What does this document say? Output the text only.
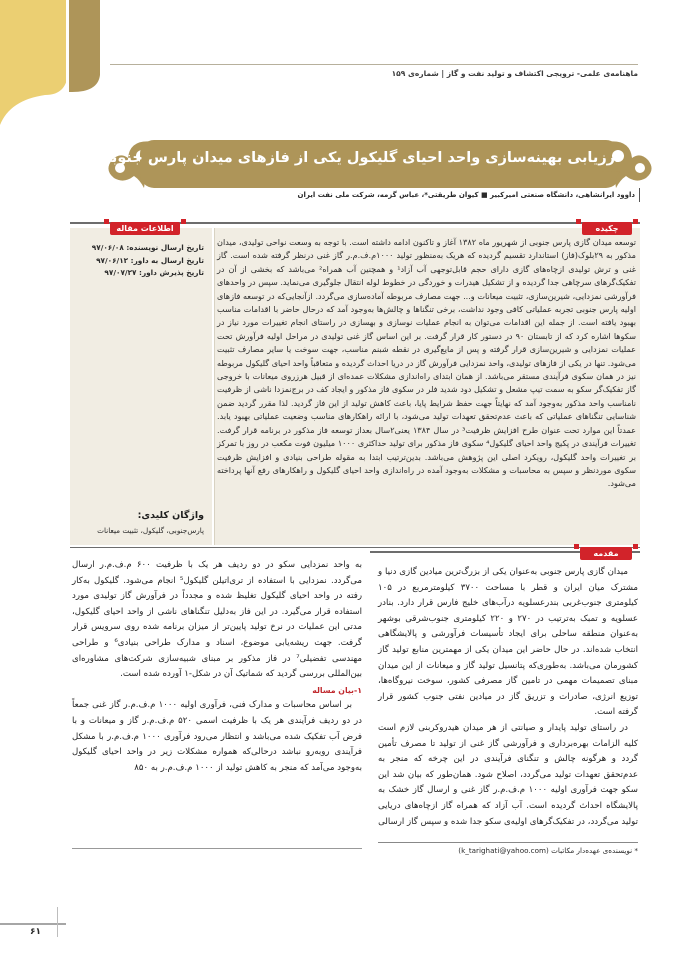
ماهنامه‌ی علمی- ترویجی اکتشاف و تولید نفت و گاز | شماره‌ی ۱۵۹
ارزیابی بهینه‌سازی واحد احیای گلیکول یکی از فازهای میدان پارس جنوبی
داوود ایرانشاهی، دانشگاه صنعتی امیرکبیر ■ کیوان طریقتی*، عباس گزمه، شرکت ملی نفت ایران
توسعه میدان گازی پارس جنوبی از شهریور ماه ۱۳۸۲ آغاز و تاکنون ادامه داشته است. با توجه به وسعت نواحی تولیدی، میدان مذکور به ۲۹بلوک(فاز) استاندارد تقسیم گردیده که هریک به‌منظور تولید ۱۰۰۰م.ف.م.ر گاز غنی درنظر گرفته شده است. گاز غنی و ترش تولیدی ازچاه‌های گازی دارای حجم قابل‌توجهی آب آزاد¹ و همچنین آب همراه² می‌باشد که بخشی از آن در تفکیک‌گرهای سرچاهی جدا گردیده و از تشکیل هیدرات و خوردگی در خطوط لوله انتقال جلوگیری می‌نماید. سپس در واحدهای فرآورشی نمزدایی، شیرین‌سازی، تثبیت میعانات و... جهت مصارف مربوطه آماده‌سازی می‌گردد. ازآنجایی‌که در توسعه فازهای اولیه پارس جنوبی تجربه عملیاتی کافی وجود نداشت، برخی تنگناها و چالش‌ها به‌وجود آمد که درحال حاضر با اقدامات مناسب بهبود یافته است. از جمله این اقدامات می‌توان به انجام عملیات نوسازی و بهسازی در راستای انجام تغییرات مورد نیاز در سکوها اشاره کرد که از تابستان ۹۰ در دستور کار قرار گرفت. بر این اساس گاز غنی تولیدی در مراحل اولیه فرآورش تحت عملیات نمزدایی و شیرین‌سازی قرار گرفته و پس از مایع‌گیری در نقطه شبنم مناسب، جهت سوخت یا سایر مصارف تثبیت می‌شود. تنها در یکی از فازهای تولیدی، واحد نمزدایی فرآورش گاز در دریا احداث گردیده و متعاقباً واحد احیای گلیکول مربوطه نیز در همان سکوی فرآیندی مستقر می‌باشد. از همان ابتدای راه‌اندازی مشکلات عمده‌ای از قبیل هرزروی میعانات با خروجی گاز تفکیک‌گر سکو به سمت تیپ مشعل و تشکیل دود شدید فلر در سکوی فاز مذکور و ایجاد کف در برج‌نمزدا ناشی از ظرفیت نامناسب واحد مذکور به‌وجود آمد که نهایتاً جهت حفظ شرایط پایا، باعث کاهش تولید از این فاز گردید. لذا مقرر گردید ضمن شناسایی تنگناهای عملیاتی که باعث عدم‌تحقق تعهدات تولید می‌شود، با ارائه راهکارهای مناسب وضعیت عملیاتی بهبود یابد. عمدتاً این موارد تحت عنوان طرح افزایش ظرفیت³ در سال ۱۳۸۴ یعنی۲سال بعداز توسعه فاز مذکور در برنامه قرار گرفت. تغییرات فرآیندی در پکیج واحد احیای گلیکول⁴ سکوی فاز مذکور برای تولید حداکثری ۱۰۰۰ میلیون فوت مکعب در روز با تمرکز بر تغییرات واحد گلیکول، رویکرد اصلی این پژوهش می‌باشد. بدین‌ترتیب ابتدا به مقوله طراحی بنیادی و افزایش ظرفیت سکوی موردنظر و سپس به محاسبات و مشکلات به‌وجود آمده در راه‌اندازی واحد احیای گلیکول و راهکارهای رفع آنها پرداخته می‌شود.
چکیده
تاریخ ارسال نویسنده: ۹۷/۰۶/۰۸
تاریخ ارسال به داور: ۹۷/۰۶/۱۲
تاریخ پذیرش داور: ۹۷/۰۷/۲۷
واژگان کلیدی:
پارس‌جنوبی، گلیکول، تثبیت میعانات
اطلاعات مقاله
مقدمه

میدان گازی پارس جنوبی به‌عنوان یکی از بزرگ‌ترین میادین گازی دنیا و مشترک میان ایران و قطر با مساحت ۳۷۰۰ کیلومترمربع در ۱۰۵ کیلومتری جنوب‌غربی بندرعسلویه درآب‌های خلیج فارس قرار دارد. بنادر عسلویه و تمبک به‌ترتیب در ۲۷۰ و ۲۲۰ کیلومتری جنوب‌شرقی بوشهر به‌عنوان منطقه ساحلی برای ایجاد تأسیسات فرآورشی و پالایشگاهی انتخاب شده‌اند. در حال حاضر این میدان یکی از مهمترین منابع تولید گاز کشورمان می‌باشد. به‌طوری‌که پتانسیل تولید گاز و میعانات از این میدان مبنای تصمیمات مهمی در تامین گاز مصرفی کشور، سوخت نیروگاه‌ها، توزیع انرژی، صادرات و تزریق گاز در میادین نفتی جنوب کشور قرار گرفته است.

در راستای تولید پایدار و صیانتی از هر میدان هیدروکربنی لازم است کلیه الزامات بهره‌برداری و فرآورشی گاز غنی از تولید تا مصرف تأمین گردد و هرگونه چالش و تنگنای فرآیندی در این چرخه که منجر به عدم‌تحقق تعهدات تولید می‌گردد، اصلاح شود. همان‌طور که بیان شد این سکو جهت فرآوری اولیه ۱۰۰۰ م.ف.م.ر گاز غنی و ارسال گاز خشک به پالایشگاه احداث گردیده است. آب آزاد که همراه گاز ازچاه‌های دریایی تولید می‌گردد، در تفکیک‌گرهای اولیه‌ی سکو جدا شده و سپس گاز ارسالی

به واحد نمزدایی سکو در دو ردیف هر یک با ظرفیت ۶۰۰ م.ف.م.ر ارسال می‌گردد. نمزدایی با استفاده از تری‌اتیلن گلیکول⁵ انجام می‌شود. گلیکول به‌کار رفته در واحد احیای گلیکول تغلیظ شده و مجدداً در فرآورش گاز تولیدی مورد استفاده قرار می‌گیرد. در این فاز به‌دلیل تنگناهای ناشی از واحد احیای گلیکول، مدتی این عملیات در نرخ تولید پایین‌تر از میزان برنامه شده روی سرویس قرار گرفت. جهت ریشه‌یابی موضوع، اسناد و مدارک طراحی بنیادی⁶ و طراحی مهندسی تفضیلی⁷ در فاز مذکور بر مبنای شبیه‌سازی شرکت‌های مشاوره‌ای بین‌المللی بررسی گردید که شماتیک آن در شکل-۱ آورده شده است.

۱-بیان مساله

بر اساس محاسبات و مدارک فنی، فرآوری اولیه ۱۰۰۰ م.ف.م.ر گاز غنی جمعاً در دو ردیف فرآیندی هر یک با ظرفیت اسمی ۵۲۰ م.ف.م.ر گاز و میعانات و با فرض آب تفکیک شده می‌باشد و انتظار می‌رود فرآوری ۱۰۰۰ م.ف.م.ر با مشکل فرآیندی روبه‌رو نباشد درحالی‌که همواره مشکلات زیر در واحد احیای گلیکول به‌وجود می‌آمد که منجر به کاهش تولید از ۱۰۰۰ م.ف.م.ر به ۸۵۰

* نویسنده‌ی عهده‌دار مکاتبات (k_tarighati@yahoo.com)
۶۱
